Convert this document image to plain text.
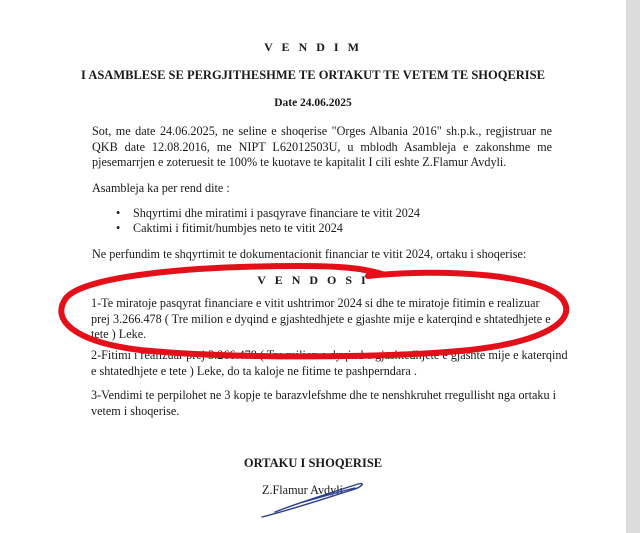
V E N D I M
I ASAMBLESE SE PERGJITHESHME TE ORTAKUT TE VETEM TE SHOQERISE
Date 24.06.2025
Sot, me date 24.06.2025, ne seline e shoqerise "Orges Albania 2016" sh.p.k., regjistruar ne QKB date 12.08.2016, me NIPT L62012503U, u mblodh Asambleja e zakonshme me pjesemarrjen e zoteruesit te 100% te kuotave te kapitalit I cili eshte Z.Flamur Avdyli.
Asambleja ka per rend dite :
• Shqyrtimi dhe miratimi i pasqyrave financiare te vitit 2024
• Caktimi i fitimit/humbjes neto te vitit 2024
Ne perfundim te shqyrtimit te dokumentacionit financiar te vitit 2024, ortaku i shoqerise:
V E N D O S I
1-Te miratoje pasqyrat financiare e vitit ushtrimor 2024 si dhe te miratoje fitimin e realizuar prej 3.266.478 ( Tre milion e dyqind e gjashtedhjete e gjashte mije e katerqind e shtatedhjete e tete ) Leke.
2-Fitimi i realizuar prej 3.266.478 ( Tre milion e dyqind e gjashtedhjete e gjashte mije e katerqind e shtatedhjete e tete ) Leke, do ta kaloje ne fitime te pashperndara .
3-Vendimi te perpilohet ne 3 kopje te barazvlefshme dhe te nenshkruhet rregullisht nga ortaku i vetem i shoqerise.
ORTAKU I SHOQERISE
Z.Flamur Avdyli
